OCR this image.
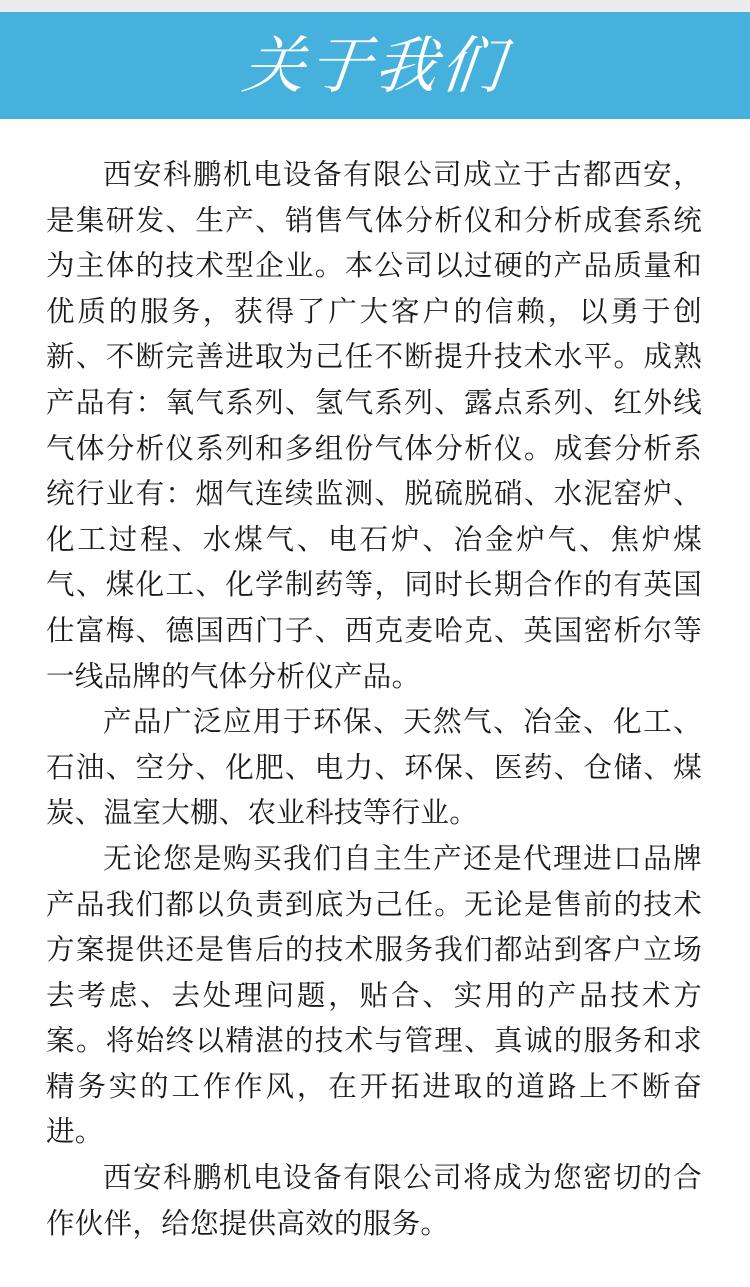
关于我们

西安科鹏机电设备有限公司成立于古都西安，是集研发、生产、销售气体分析仪和分析成套系统为主体的技术型企业。本公司以过硬的产品质量和优质的服务，获得了广大客户的信赖，以勇于创新、不断完善进取为己任不断提升技术水平。成熟产品有：氧气系列、氢气系列、露点系列、红外线气体分析仪系列和多组份气体分析仪。成套分析系统行业有：烟气连续监测、脱硫脱硝、水泥窑炉、化工过程、水煤气、电石炉、冶金炉气、焦炉煤气、煤化工、化学制药等，同时长期合作的有英国仕富梅、德国西门子、西克麦哈克、英国密析尔等一线品牌的气体分析仪产品。

产品广泛应用于环保、天然气、冶金、化工、石油、空分、化肥、电力、环保、医药、仓储、煤炭、温室大棚、农业科技等行业。

无论您是购买我们自主生产还是代理进口品牌产品我们都以负责到底为己任。无论是售前的技术方案提供还是售后的技术服务我们都站到客户立场去考虑、去处理问题，贴合、实用的产品技术方案。将始终以精湛的技术与管理、真诚的服务和求精务实的工作作风，在开拓进取的道路上不断奋进。

西安科鹏机电设备有限公司将成为您密切的合作伙伴，给您提供高效的服务。
